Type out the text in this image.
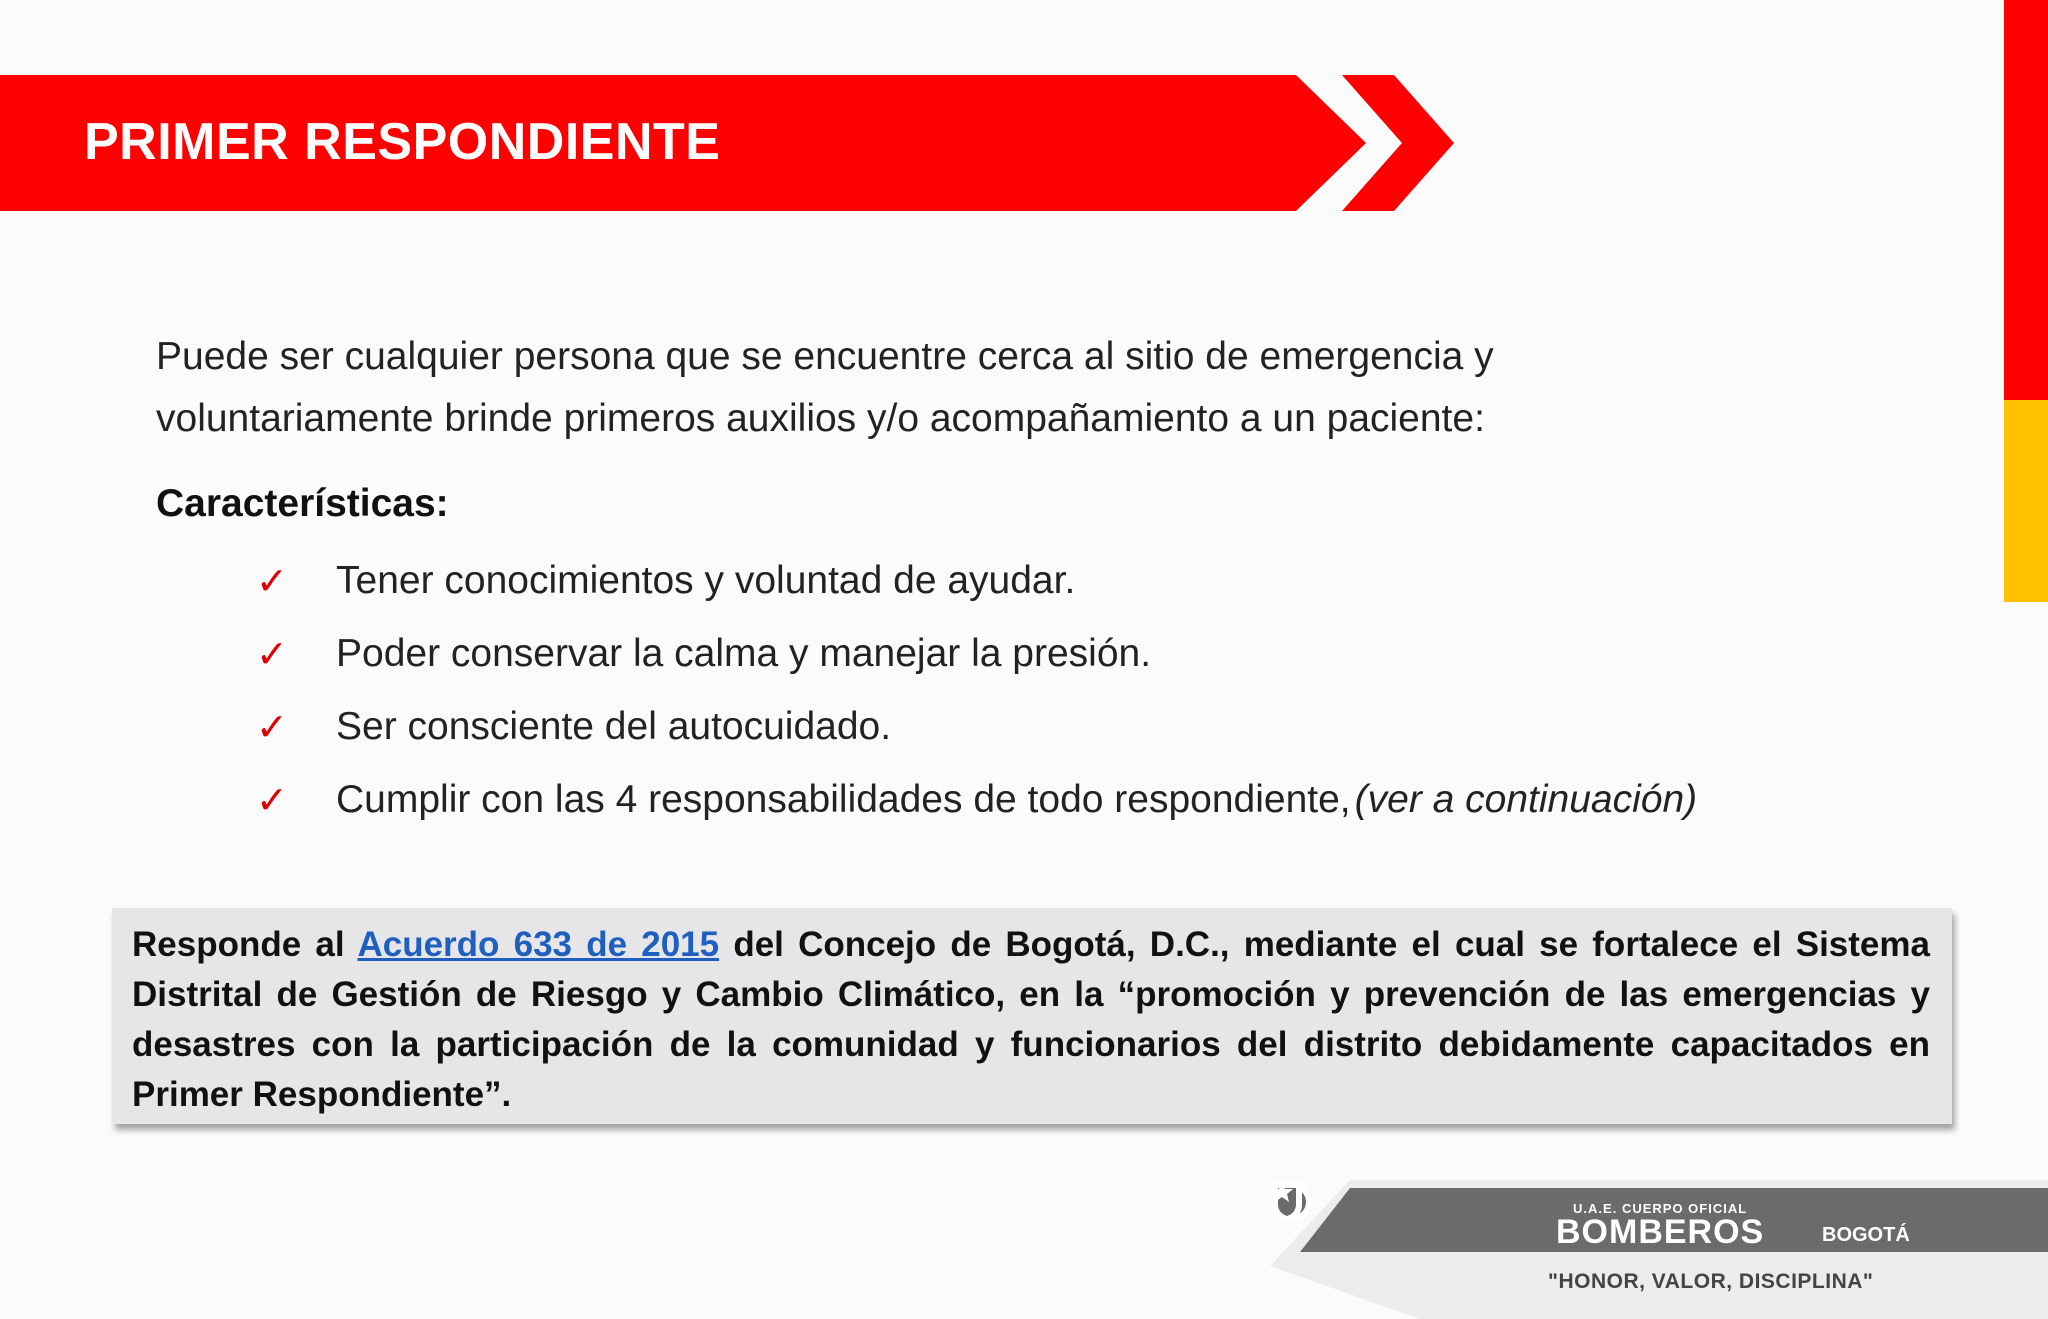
PRIMER RESPONDIENTE

Puede ser cualquier persona que se encuentre cerca al sitio de emergencia y voluntariamente brinde primeros auxilios y/o acompañamiento a un paciente:

Características:
✓	Tener conocimientos y voluntad de ayudar.
✓	Poder conservar la calma y manejar la presión.
✓	Ser consciente del autocuidado.
✓	Cumplir con las 4 responsabilidades de todo respondiente, (ver a continuación)

Responde al Acuerdo 633 de 2015 del Concejo de Bogotá, D.C., mediante el cual se fortalece el Sistema Distrital de Gestión de Riesgo y Cambio Climático, en la “promoción y prevención de las emergencias y desastres con la participación de la comunidad y funcionarios del distrito debidamente capacitados en Primer Respondiente”.

U.A.E. CUERPO OFICIAL
BOMBEROS	BOGOTÁ
"HONOR, VALOR, DISCIPLINA"
